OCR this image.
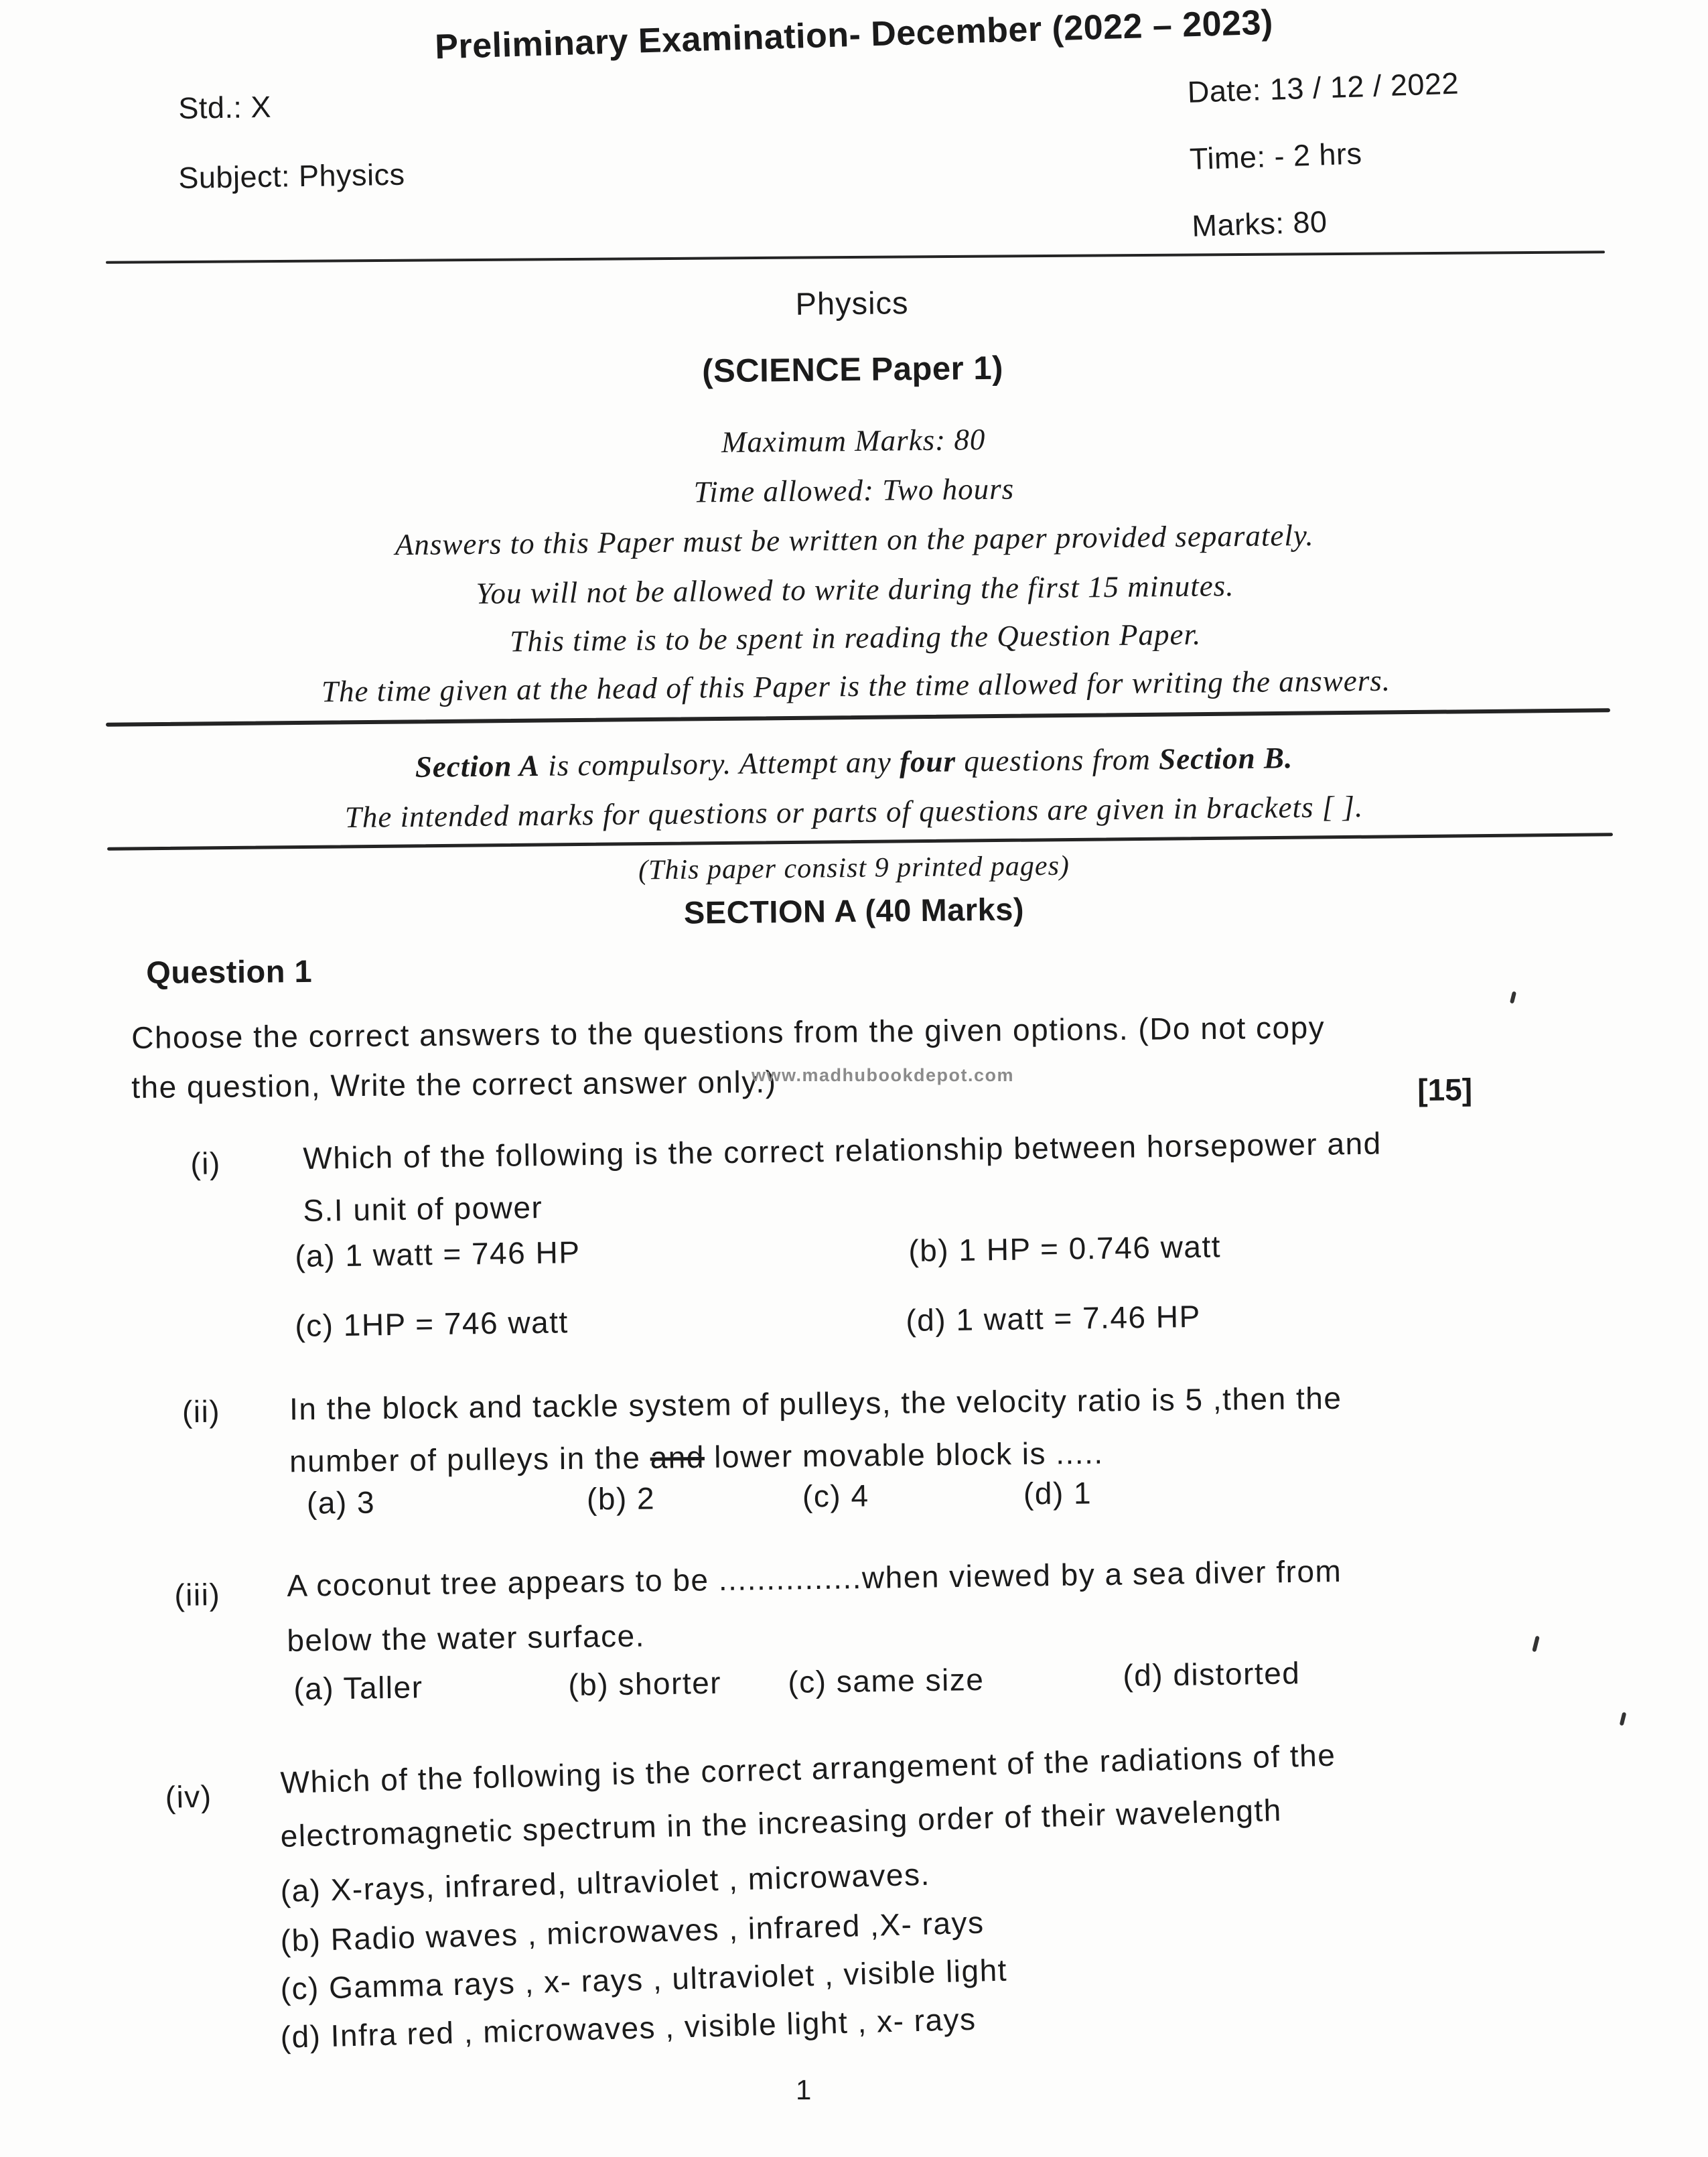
Preliminary Examination- December (2022 – 2023)
Std.: X
Subject: Physics
Date: 13 / 12 / 2022
Time: - 2 hrs
Marks: 80
Physics
(SCIENCE Paper 1)
Maximum Marks: 80
Time allowed: Two hours
Answers to this Paper must be written on the paper provided separately.
You will not be allowed to write during the first 15 minutes.
This time is to be spent in reading the Question Paper.
The time given at the head of this Paper is the time allowed for writing the answers.
Section A is compulsory. Attempt any four questions from Section B.
The intended marks for questions or parts of questions are given in brackets [ ].
(This paper consist 9 printed pages)
SECTION A (40 Marks)
Question 1
Choose the correct answers to the questions from the given options. (Do not copy
the question, Write the correct answer only.)
www.madhubookdepot.com	[15]
(i)	Which of the following is the correct relationship between horsepower and
S.I unit of power
(a) 1 watt = 746 HP	(b) 1 HP = 0.746 watt
(c) 1HP = 746 watt	(d) 1 watt = 7.46 HP
(ii) In the block and tackle system of pulleys, the velocity ratio is 5 ,then the
number of pulleys in the and lower movable block is .....
(a) 3	(b) 2	(c) 4	(d) 1
(iii) A coconut tree appears to be ...............when viewed by a sea diver from
below the water surface.
(a) Taller	(b) shorter (c) same size	(d) distorted
(iv) Which of the following is the correct arrangement of the radiations of the
electromagnetic spectrum in the increasing order of their wavelength
(a) X-rays, infrared, ultraviolet , microwaves.
(b) Radio waves , microwaves , infrared ,X- rays
(c) Gamma rays , x- rays , ultraviolet , visible light
(d) Infra red , microwaves , visible light , x- rays
1
